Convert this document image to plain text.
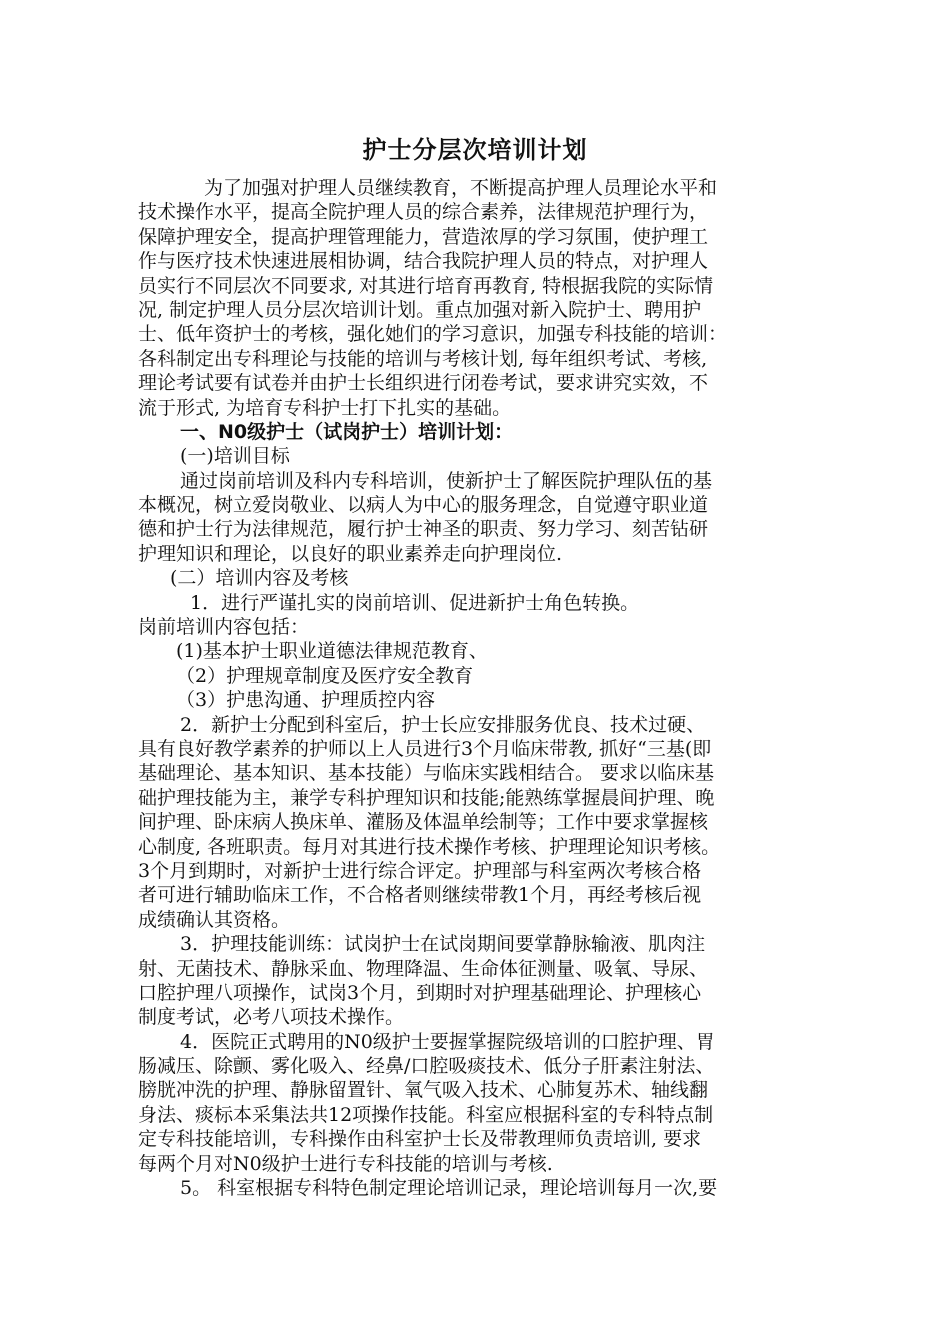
护士分层次培训计划
为了加强对护理人员继续教育，不断提高护理人员理论水平和
技术操作水平，提高全院护理人员的综合素养，法律规范护理行为，
保障护理安全，提高护理管理能力，营造浓厚的学习氛围，使护理工
作与医疗技术快速进展相协调，结合我院护理人员的特点，对护理人
员实行不同层次不同要求, 对其进行培育再教育, 特根据我院的实际情
况, 制定护理人员分层次培训计划。重点加强对新入院护士、聘用护
士、低年资护士的考核，强化她们的学习意识，加强专科技能的培训：
各科制定出专科理论与技能的培训与考核计划, 每年组织考试、考核,
理论考试要有试卷并由护士长组织进行闭卷考试，要求讲究实效，不
流于形式, 为培育专科护士打下扎实的基础。
一、N0级护士（试岗护士）培训计划：
(一)培训目标
通过岗前培训及科内专科培训，使新护士了解医院护理队伍的基
本概况，树立爱岗敬业、以病人为中心的服务理念，自觉遵守职业道
德和护士行为法律规范，履行护士神圣的职责、努力学习、刻苦钻研
护理知识和理论，以良好的职业素养走向护理岗位.
(二）培训内容及考核
1．进行严谨扎实的岗前培训、促进新护士角色转换。
岗前培训内容包括：
(1)基本护士职业道德法律规范教育、
（2）护理规章制度及医疗安全教育
（3）护患沟通、护理质控内容
2．新护士分配到科室后，护士长应安排服务优良、技术过硬、
具有良好教学素养的护师以上人员进行3个月临床带教, 抓好“三基(即
基础理论、基本知识、基本技能）与临床实践相结合。 要求以临床基
础护理技能为主，兼学专科护理知识和技能;能熟练掌握晨间护理、晚
间护理、卧床病人换床单、灌肠及体温单绘制等；工作中要求掌握核
心制度, 各班职责。每月对其进行技术操作考核、护理理论知识考核。
3个月到期时，对新护士进行综合评定。护理部与科室两次考核合格
者可进行辅助临床工作，不合格者则继续带教1个月，再经考核后视
成绩确认其资格。
3．护理技能训练：试岗护士在试岗期间要掌静脉输液、肌肉注
射、无菌技术、静脉采血、物理降温、生命体征测量、吸氧、导尿、
口腔护理八项操作，试岗3个月，到期时对护理基础理论、护理核心
制度考试，必考八项技术操作。
4．医院正式聘用的N0级护士要握掌握院级培训的口腔护理、胃
肠减压、除颤、雾化吸入、经鼻/口腔吸痰技术、低分子肝素注射法、
膀胱冲洗的护理、静脉留置针、氧气吸入技术、心肺复苏术、轴线翻
身法、痰标本采集法共12项操作技能。科室应根据科室的专科特点制
定专科技能培训，专科操作由科室护士长及带教理师负责培训, 要求
每两个月对N0级护士进行专科技能的培训与考核.
5。 科室根据专科特色制定理论培训记录，理论培训每月一次,要
